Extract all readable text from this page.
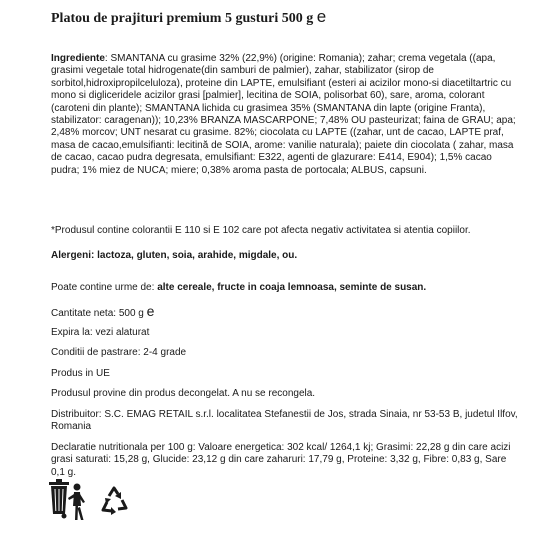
Platou de prajituri premium 5 gusturi 500 g e
Ingrediente: SMANTANA cu grasime 32% (22,9%) (origine: Romania); zahar; crema vegetala ((apa, grasimi vegetale total hidrogenate(din samburi de palmier), zahar, stabilizator (sirop de sorbitol,hidroxipropilceluloza), proteine din LAPTE, emulsifiant (esteri ai acizilor mono-si diacetiltartric cu mono si digliceridele acizilor grasi [palmier], lecitina de SOIA, polisorbat 60), sare, aroma, colorant (caroteni din plante); SMANTANA lichida cu grasimea 35% (SMANTANA din lapte (origine Franta), stabilizator: caragenan)); 10,23% BRANZA MASCARPONE; 7,48% OU pasteurizat; faina de GRAU; apa; 2,48% morcov; UNT nesarat cu grasime. 82%; ciocolata cu LAPTE ((zahar, unt de cacao, LAPTE praf, masa de cacao,emulsifianti: lecitină de SOIA, arome: vanilie naturala); paiete din ciocolata ( zahar, masa de cacao, cacao pudra degresata, emulsifiant: E322, agenti de glazurare: E414, E904); 1,5% cacao pudra; 1% miez de NUCA; miere; 0,38% aroma pasta de portocala; ALBUS, capsuni.
*Produsul contine colorantii E 110 si E 102 care pot afecta negativ activitatea si atentia copiilor.
Alergeni: lactoza, gluten, soia, arahide, migdale, ou.
Poate contine urme de: alte cereale, fructe in coaja lemnoasa, seminte de susan.
Cantitate neta: 500 g e
Expira la: vezi alaturat
Conditii de pastrare: 2-4 grade
Produs in UE
Produsul provine din produs decongelat. A nu se recongela.
Distribuitor: S.C. EMAG RETAIL s.r.l. localitatea Stefanestii de Jos, strada Sinaia, nr 53-53 B, judetul Ilfov, Romania
Declaratie nutritionala per 100 g: Valoare energetica: 302 kcal/ 1264,1 kj; Grasimi: 22,28 g din care acizi grasi saturati: 15,28 g, Glucide: 23,12 g din care zaharuri: 17,79 g, Proteine: 3,32 g, Fibre: 0,83 g, Sare 0,1 g.
